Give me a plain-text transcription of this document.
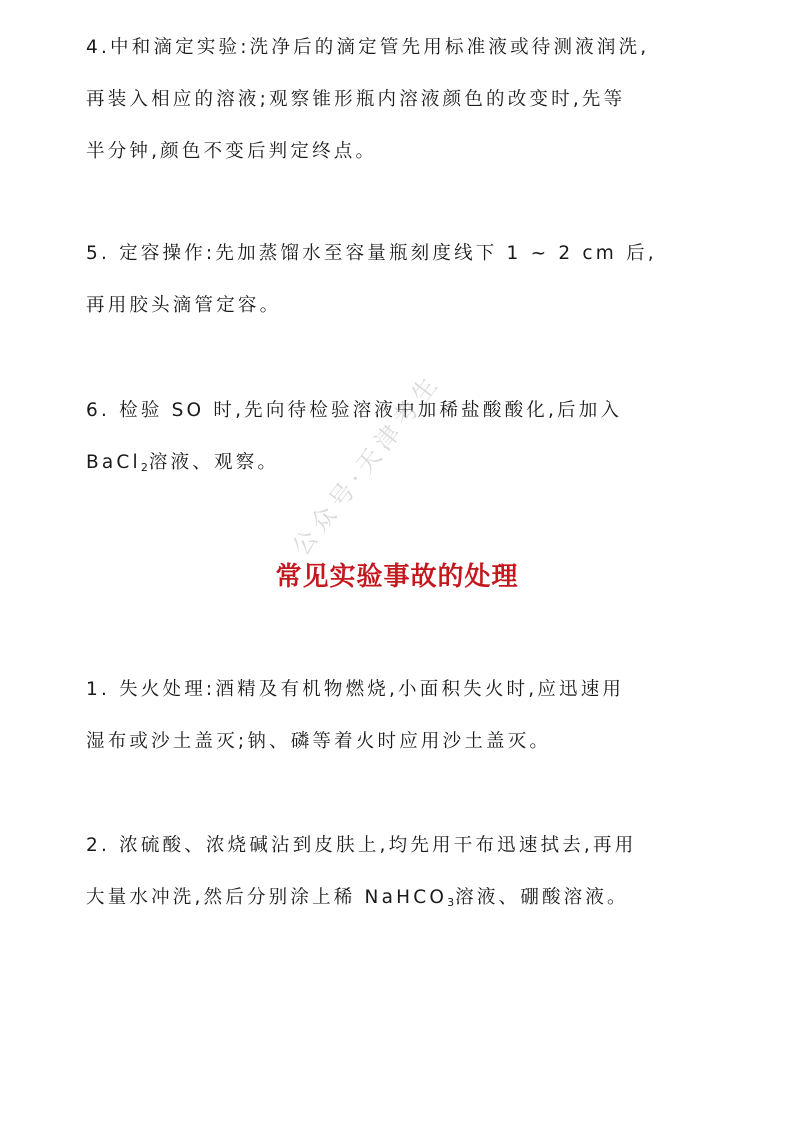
4.中和滴定实验:洗净后的滴定管先用标准液或待测液润洗,
再装入相应的溶液;观察锥形瓶内溶液颜色的改变时,先等
半分钟,颜色不变后判定终点。
5. 定容操作:先加蒸馏水至容量瓶刻度线下 1 ~ 2 cm 后,
再用胶头滴管定容。
6. 检验 SO 时,先向待检验溶液中加稀盐酸酸化,后加入
BaCl$_2$溶液、观察。 公众号·天津考生
常见实验事故的处理
1. 失火处理:酒精及有机物燃烧,小面积失火时,应迅速用
湿布或沙土盖灭;钠、磷等着火时应用沙土盖灭。
2. 浓硫酸、浓烧碱沾到皮肤上,均先用干布迅速拭去,再用
大量水冲洗,然后分别涂上稀 NaHCO$_3$溶液、硼酸溶液。
